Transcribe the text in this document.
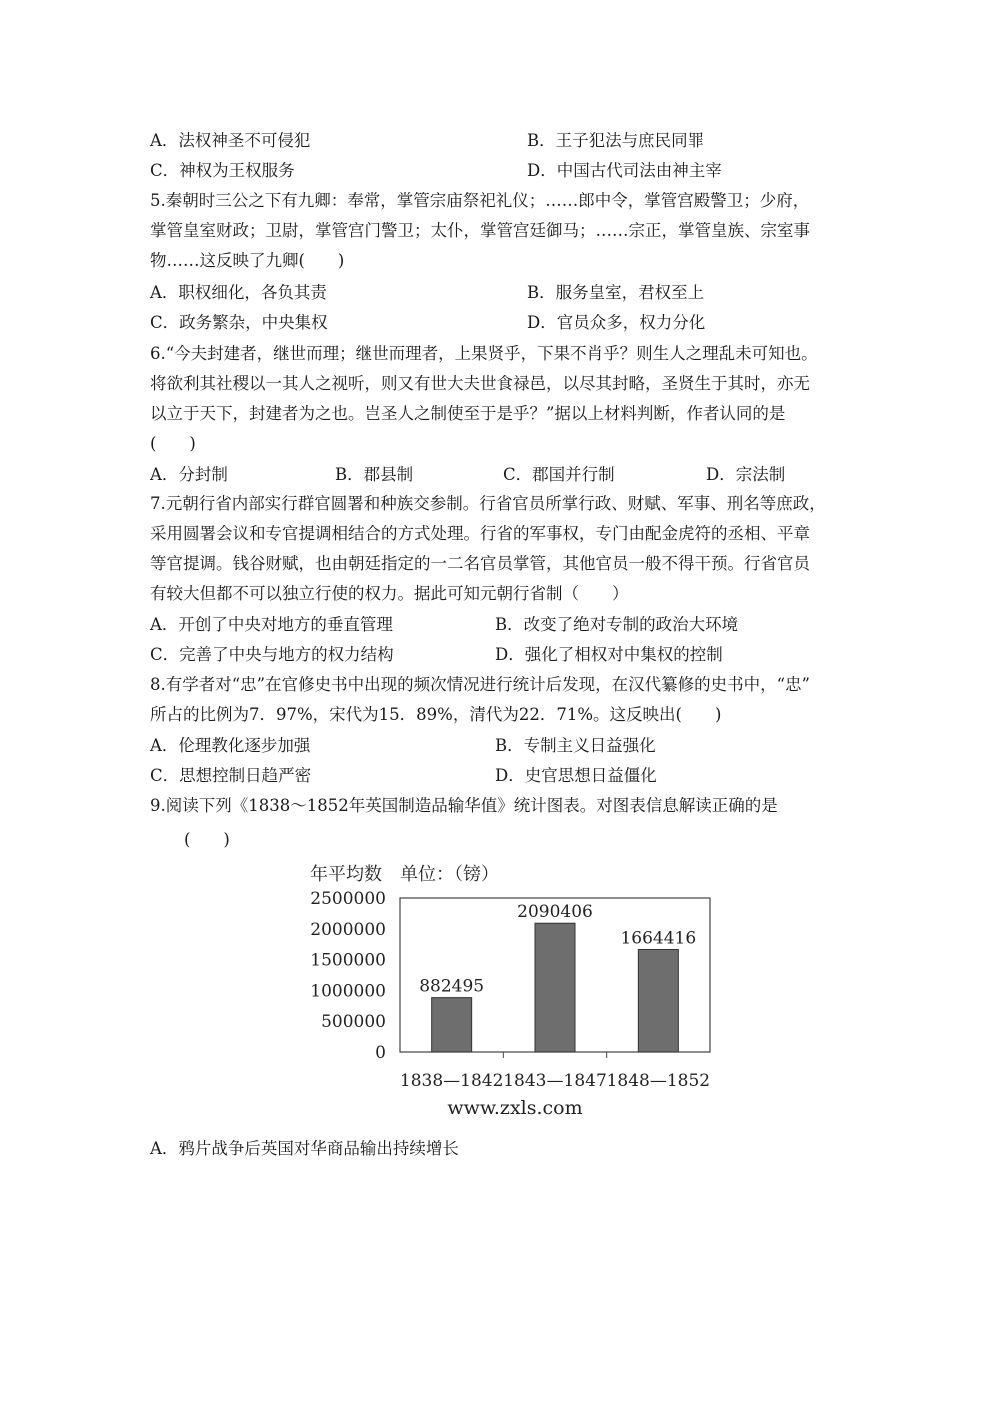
A．法权神圣不可侵犯	B．王子犯法与庶民同罪
C．神权为王权服务	D．中国古代司法由神主宰
5.秦朝时三公之下有九卿：奉常，掌管宗庙祭祀礼仪；……郎中令，掌管宫殿警卫；少府，
掌管皇室财政；卫尉，掌管宫门警卫；太仆，掌管宫廷御马；……宗正，掌管皇族、宗室事
物……这反映了九卿(　　)
A．职权细化，各负其责	B．服务皇室，君权至上
C．政务繁杂，中央集权	D．官员众多，权力分化
6.“今夫封建者，继世而理；继世而理者，上果贤乎，下果不肖乎？则生人之理乱未可知也。
将欲利其社稷以一其人之视听，则又有世大夫世食禄邑，以尽其封略，圣贤生于其时，亦无
以立于天下，封建者为之也。岂圣人之制使至于是乎？”据以上材料判断，作者认同的是
(　　)
A．分封制	B．郡县制	C．郡国并行制	D．宗法制
7.元朝行省内部实行群官圆署和种族交参制。行省官员所掌行政、财赋、军事、刑名等庶政，
采用圆署会议和专官提调相结合的方式处理。行省的军事权，专门由配金虎符的丞相、平章
等官提调。钱谷财赋，也由朝廷指定的一二名官员掌管，其他官员一般不得干预。行省官员
有较大但都不可以独立行使的权力。据此可知元朝行省制（　　）
A．开创了中央对地方的垂直管理	B．改变了绝对专制的政治大环境
C．完善了中央与地方的权力结构	D．强化了相权对中集权的控制
8.有学者对“忠”在官修史书中出现的频次情况进行统计后发现，在汉代纂修的史书中，“忠”
所占的比例为7．97%，宋代为15．89%，清代为22．71%。这反映出(　　)
A．伦理教化逐步加强	B．专制主义日益强化
C．思想控制日趋严密	D．史官思想日益僵化
9.阅读下列《1838～1852年英国制造品输华值》统计图表。对图表信息解读正确的是
(　　)
年平均数　单位：（镑）
0
500000
1000000
1500000
2000000
2500000
882495
1838—1842
2090406
1843—1847
1664416
1848—1852
www.zxls.com
A．鸦片战争后英国对华商品输出持续增长
